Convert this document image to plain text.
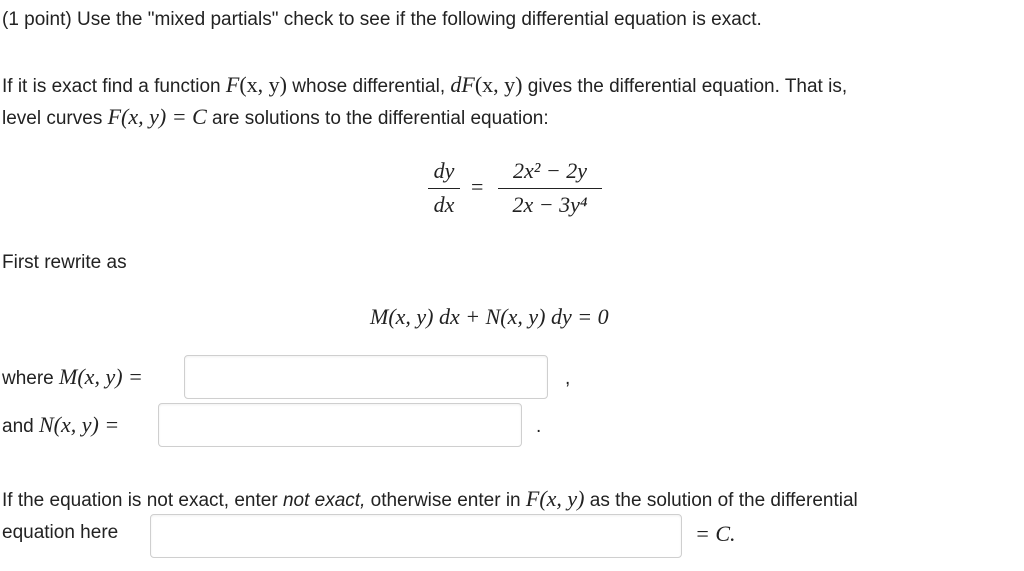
(1 point) Use the "mixed partials" check to see if the following differential equation is exact.
If it is exact find a function F(x, y) whose differential, dF(x, y) gives the differential equation. That is,
level curves F(x, y) = C are solutions to the differential equation:
dy
dx
=
2x² − 2y
2x − 3y⁴
First rewrite as
M(x, y) dx + N(x, y) dy = 0
where M(x, y) =	,
and N(x, y) =	.
If the equation is not exact, enter not exact, otherwise enter in F(x, y) as the solution of the differential
equation here	= C.
